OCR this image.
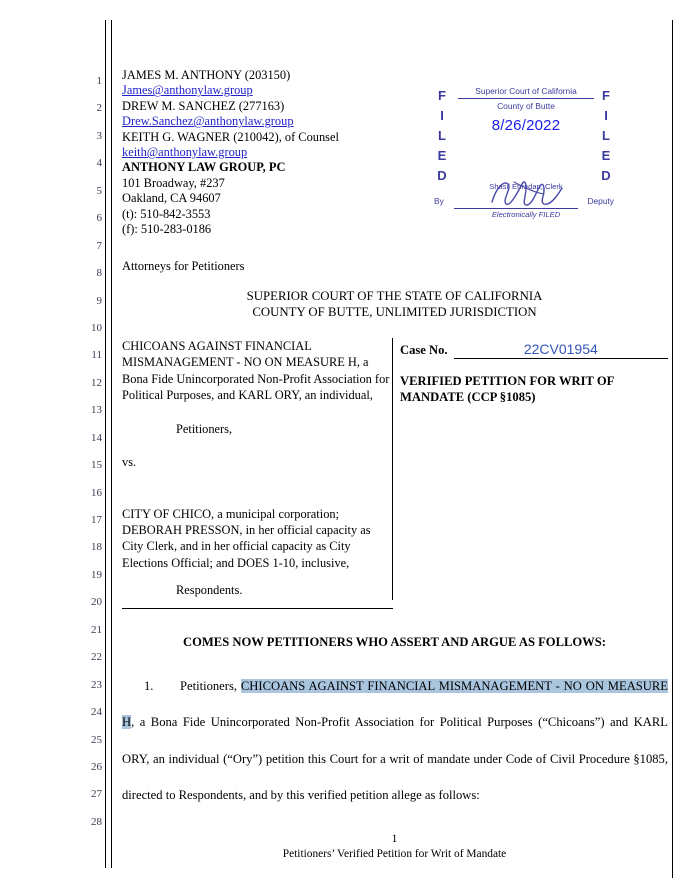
1
2
3
4
5
6
7
8
9
10
11
12
13
14
15
16
17
18
19
20
21
22
23
24
25
26
27
28
JAMES M. ANTHONY (203150)
James@anthonylaw.group
DREW M. SANCHEZ (277163)
Drew.Sanchez@anthonylaw.group
KEITH G. WAGNER (210042), of Counsel
keith@anthonylaw.group
ANTHONY LAW GROUP, PC
101 Broadway, #237
Oakland, CA 94607
(t): 510-842-3553
(f): 510-283-0186
Attorneys for Petitioners
F
I
L
E
D
F
I
L
E
D
Superior Court of California
County of Butte
8/26/2022
Shasil Ehradan, Clerk
By	Deputy
Electronically FILED
SUPERIOR COURT OF THE STATE OF CALIFORNIA
COUNTY OF BUTTE, UNLIMITED JURISDICTION
CHICOANS AGAINST FINANCIAL MISMANAGEMENT - NO ON MEASURE H, a Bona Fide Unincorporated Non-Profit Association for Political Purposes, and KARL ORY, an individual,
Petitioners,
vs.
CITY OF CHICO, a municipal corporation; DEBORAH PRESSON, in her official capacity as City Clerk, and in her official capacity as City Elections Official; and DOES 1-10, inclusive,
Respondents.
Case No.	22CV01954
VERIFIED PETITION FOR WRIT OF MANDATE (CCP §1085)
COMES NOW PETITIONERS WHO ASSERT AND ARGUE AS FOLLOWS:
1. Petitioners, CHICOANS AGAINST FINANCIAL MISMANAGEMENT - NO ON MEASURE H, a Bona Fide Unincorporated Non-Profit Association for Political Purposes (“Chicoans”) and KARL ORY, an individual (“Ory”) petition this Court for a writ of mandate under Code of Civil Procedure §1085, directed to Respondents, and by this verified petition allege as follows:
1
Petitioners’ Verified Petition for Writ of Mandate
